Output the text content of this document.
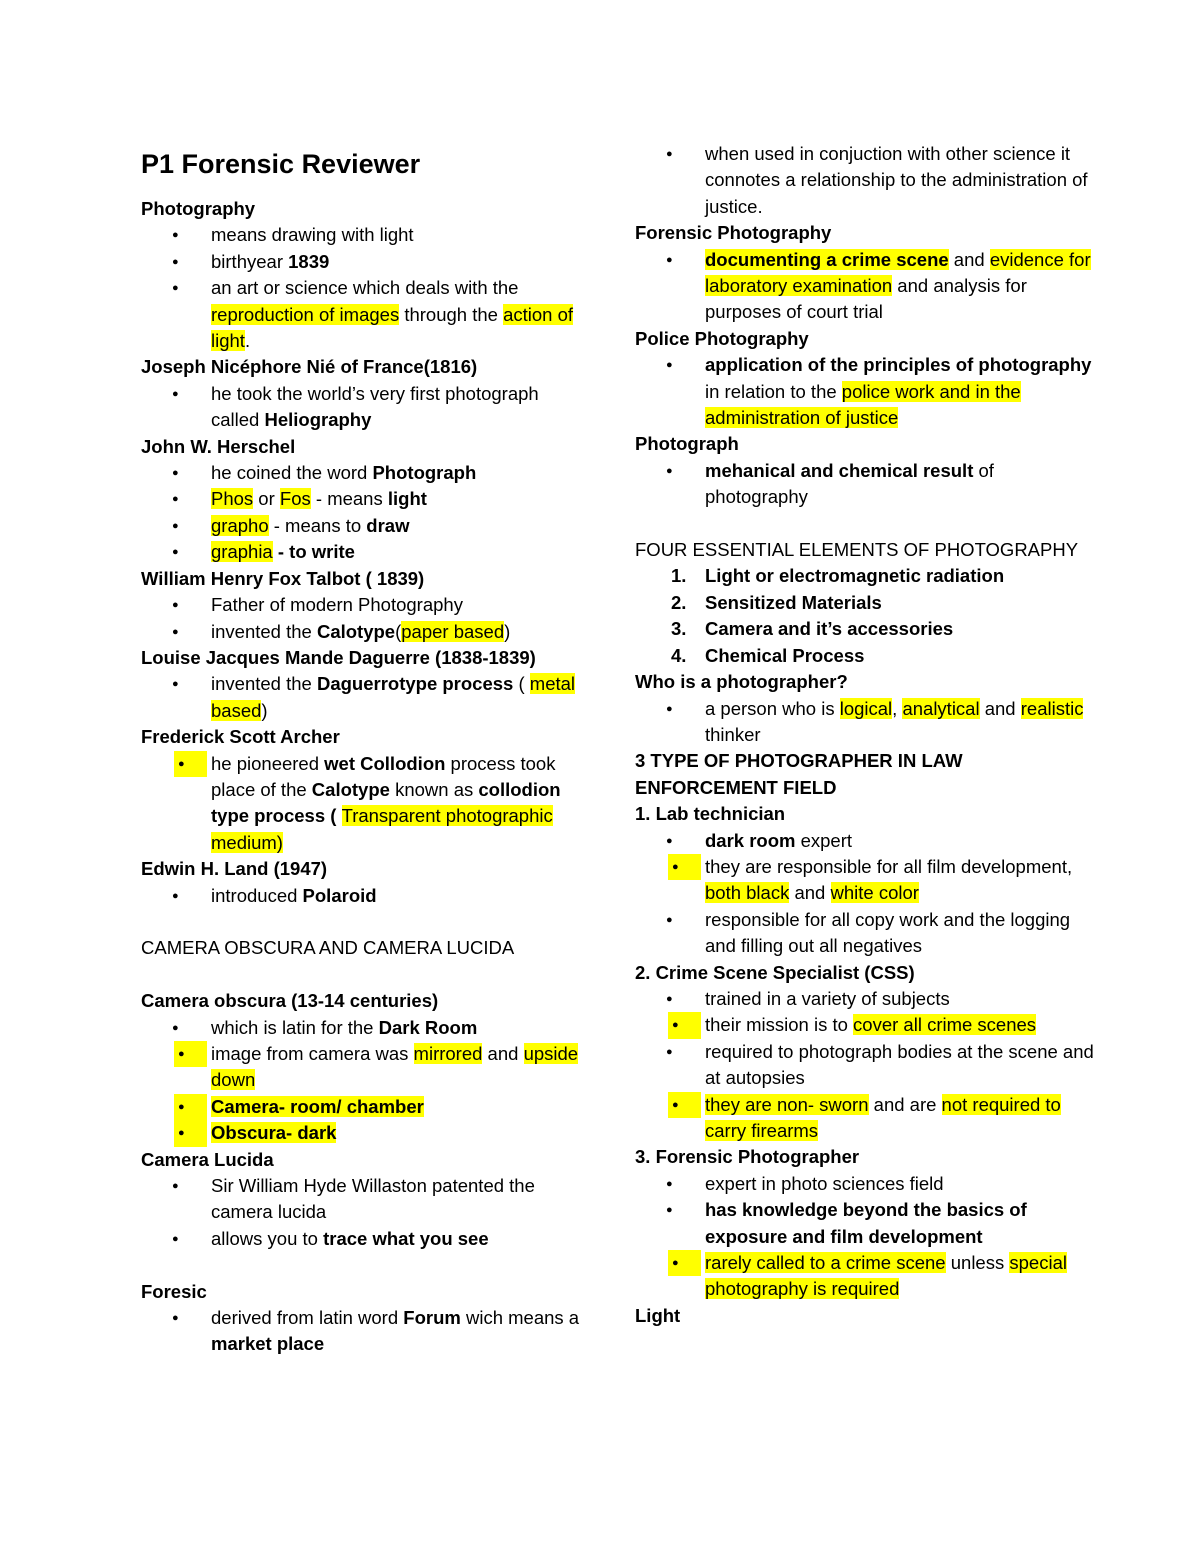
P1 Forensic Reviewer
Photography
● means drawing with light
● birthyear 1839
● an art or science which deals with the reproduction of images through the action of light.
Joseph Nicéphore Nié of France(1816)
● he took the world’s very first photograph called Heliography
John W. Herschel
● he coined the word Photograph
● Phos or Fos - means light
● grapho - means to draw
● graphia - to write
William Henry Fox Talbot ( 1839)
● Father of modern Photography
● invented the Calotype(paper based)
Louise Jacques Mande Daguerre (1838-1839)
● invented the Daguerrotype process ( metal based)
Frederick Scott Archer
● he pioneered wet Collodion process took place of the Calotype known as collodion type process ( Transparent photographic medium)
Edwin H. Land (1947)
● introduced Polaroid
CAMERA OBSCURA AND CAMERA LUCIDA
Camera obscura (13-14 centuries)
● which is latin for the Dark Room
● image from camera was mirrored and upside down
● Camera- room/ chamber
● Obscura- dark
Camera Lucida
● Sir William Hyde Willaston patented the camera lucida
● allows you to trace what you see
Foresic
● derived from latin word Forum wich means a market place
● when used in conjuction with other science it connotes a relationship to the administration of justice.
Forensic Photography
● documenting a crime scene and evidence for laboratory examination and analysis for purposes of court trial
Police Photography
● application of the principles of photography in relation to the police work and in the administration of justice
Photograph
● mehanical and chemical result of photography
FOUR ESSENTIAL ELEMENTS OF PHOTOGRAPHY
1. Light or electromagnetic radiation
2. Sensitized Materials
3. Camera and it’s accessories
4. Chemical Process
Who is a photographer?
● a person who is logical, analytical and realistic thinker
3 TYPE OF PHOTOGRAPHER IN LAW ENFORCEMENT FIELD
1. Lab technician
● dark room expert
● they are responsible for all film development, both black and white color
● responsible for all copy work and the logging and filling out all negatives
2. Crime Scene Specialist (CSS)
● trained in a variety of subjects
● their mission is to cover all crime scenes
● required to photograph bodies at the scene and at autopsies
● they are non- sworn and are not required to carry firearms
3. Forensic Photographer
● expert in photo sciences field
● has knowledge beyond the basics of exposure and film development
● rarely called to a crime scene unless special photography is required
Light
